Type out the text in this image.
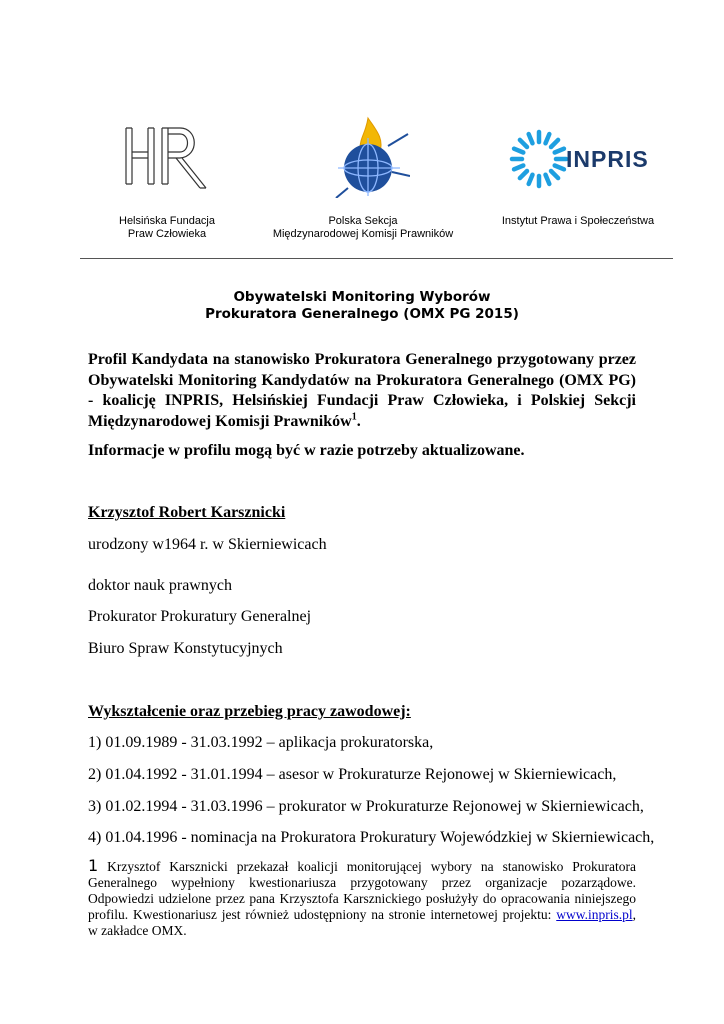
HR
INPRIS
Helsińska Fundacja
Praw Człowieka
Polska Sekcja
Międzynarodowej Komisji Prawników
Instytut Prawa i Społeczeństwa
Obywatelski Monitoring Wyborów
Prokuratora Generalnego (OMX PG 2015)
Profil Kandydata na stanowisko Prokuratora Generalnego przygotowany przez Obywatelski Monitoring Kandydatów na Prokuratora Generalnego (OMX PG) - koalicję INPRIS, Helsińskiej Fundacji Praw Człowieka, i Polskiej Sekcji Międzynarodowej Komisji Prawników$^1$.
Informacje w profilu mogą być w razie potrzeby aktualizowane.
Krzysztof Robert Karsznicki
urodzony w1964 r. w Skierniewicach
doktor nauk prawnych
Prokurator Prokuratury Generalnej
Biuro Spraw Konstytucyjnych
Wykształcenie oraz przebieg pracy zawodowej:
1) 01.09.1989 - 31.03.1992 – aplikacja prokuratorska,
2) 01.04.1992 - 31.01.1994 – asesor w Prokuraturze Rejonowej w Skierniewicach,
3) 01.02.1994 - 31.03.1996 – prokurator w Prokuraturze Rejonowej w Skierniewicach,
4) 01.04.1996 - nominacja na Prokuratora Prokuratury Wojewódzkiej w Skierniewicach,
1 Krzysztof Karsznicki przekazał koalicji monitorującej wybory na stanowisko Prokuratora Generalnego wypełniony kwestionariusza przygotowany przez organizacje pozarządowe. Odpowiedzi udzielone przez pana Krzysztofa Karsznickiego posłużyły do opracowania niniejszego profilu. Kwestionariusz jest również udostępniony na stronie internetowej projektu: www.inpris.pl, w zakładce OMX.
